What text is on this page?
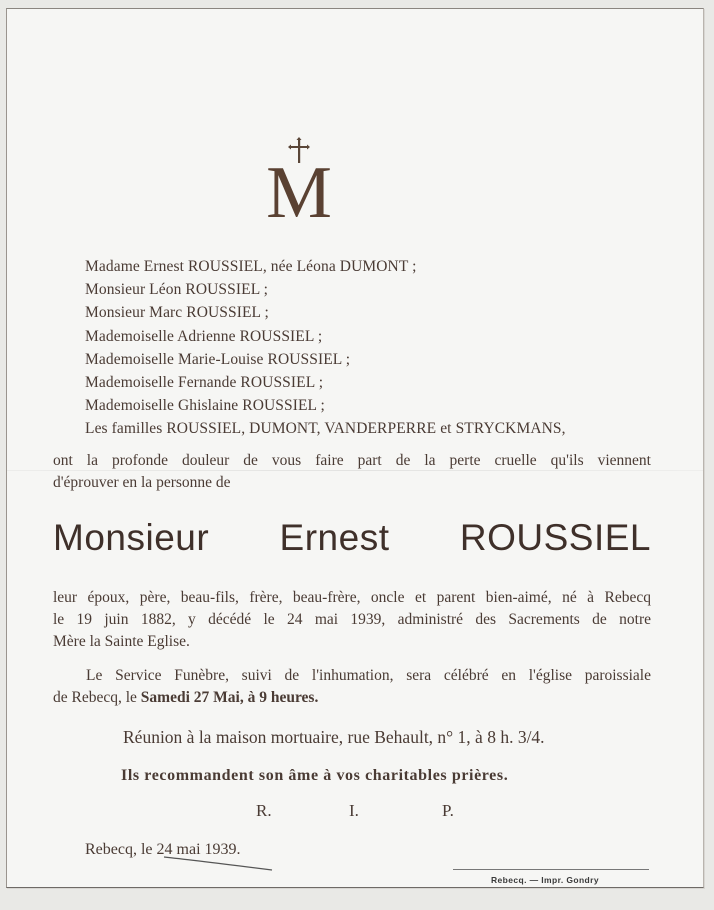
M
Madame Ernest ROUSSIEL, née Léona DUMONT ;
Monsieur Léon ROUSSIEL ;
Monsieur Marc ROUSSIEL ;
Mademoiselle Adrienne ROUSSIEL ;
Mademoiselle Marie-Louise ROUSSIEL ;
Mademoiselle Fernande ROUSSIEL ;
Mademoiselle Ghislaine ROUSSIEL ;
Les familles ROUSSIEL, DUMONT, VANDERPERRE et STRYCKMANS,
ont la profonde douleur de vous faire part de la perte cruelle qu'ils viennent
d'éprouver en la personne de
Monsieur Ernest ROUSSIEL
leur époux, père, beau-fils, frère, beau-frère, oncle et parent bien-aimé, né à Rebecq
le 19 juin 1882, y décédé le 24 mai 1939, administré des Sacrements de notre
Mère la Sainte Eglise.
Le Service Funèbre, suivi de l'inhumation, sera célébré en l'église paroissiale
de Rebecq, le Samedi 27 Mai, à 9 heures.
Réunion à la maison mortuaire, rue Behault, n° 1, à 8 h. 3/4.
Ils recommandent son âme à vos charitables prières.
R.	I.	P.
Rebecq, le 24 mai 1939.
Rebecq. — Impr. Gondry
